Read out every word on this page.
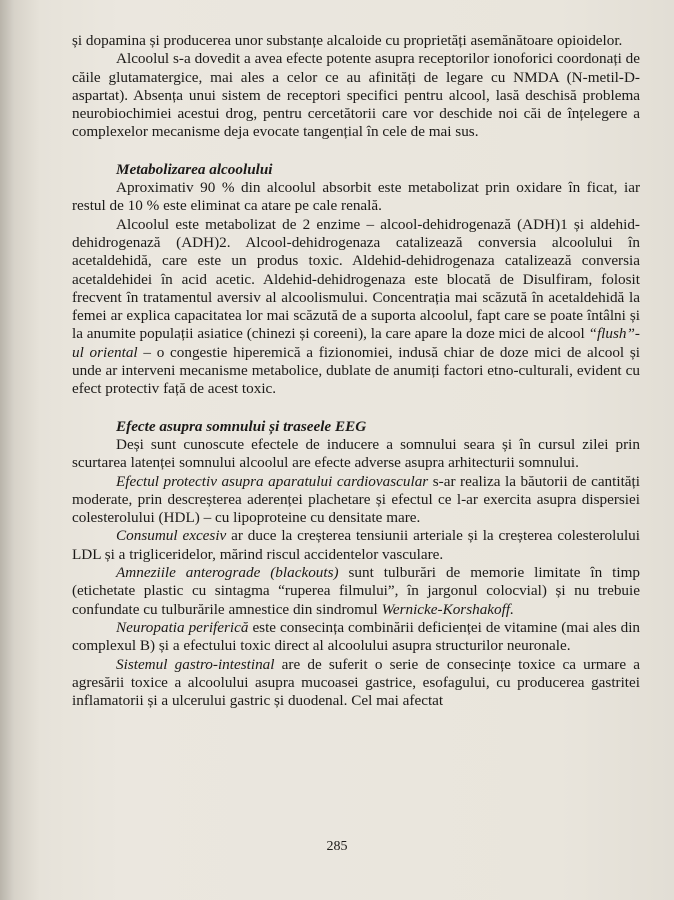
și dopamina și producerea unor substanțe alcaloide cu proprietăți asemănătoare opioidelor.

Alcoolul s-a dovedit a avea efecte potente asupra receptorilor ionoforici coordonați de căile glutamatergice, mai ales a celor ce au afinități de legare cu NMDA (N-metil-D-aspartat). Absența unui sistem de receptori specifici pentru alcool, lasă deschisă problema neurobiochimiei acestui drog, pentru cercetătorii care vor deschide noi căi de înțelegere a complexelor mecanisme deja evocate tangențial în cele de mai sus.

Metabolizarea alcoolului

Aproximativ 90 % din alcoolul absorbit este metabolizat prin oxidare în ficat, iar restul de 10 % este eliminat ca atare pe cale renală.

Alcoolul este metabolizat de 2 enzime – alcool-dehidrogenază (ADH)1 și aldehid-dehidrogenază (ADH)2. Alcool-dehidrogenaza catalizează conversia alcoolului în acetaldehidă, care este un produs toxic. Aldehid-dehidrogenaza catalizează conversia acetaldehidei în acid acetic. Aldehid-dehidrogenaza este blocată de Disulfiram, folosit frecvent în tratamentul aversiv al alcoolismului. Concentrația mai scăzută în acetaldehidă la femei ar explica capacitatea lor mai scăzută de a suporta alcoolul, fapt care se poate întâlni și la anumite populații asiatice (chinezi și coreeni), la care apare la doze mici de alcool “flush”-ul oriental – o congestie hiperemică a fizionomiei, indusă chiar de doze mici de alcool și unde ar interveni mecanisme metabolice, dublate de anumiți factori etno-culturali, evident cu efect protectiv față de acest toxic.

Efecte asupra somnului și traseele EEG

Deși sunt cunoscute efectele de inducere a somnului seara și în cursul zilei prin scurtarea latenței somnului alcoolul are efecte adverse asupra arhitecturii somnului.

Efectul protectiv asupra aparatului cardiovascular s-ar realiza la băutorii de cantități moderate, prin descreșterea aderenței plachetare și efectul ce l-ar exercita asupra dispersiei colesterolului (HDL) – cu lipoproteine cu densitate mare.

Consumul excesiv ar duce la creșterea tensiunii arteriale și la creșterea colesterolului LDL și a trigliceridelor, mărind riscul accidentelor vasculare.

Amneziile anterograde (blackouts) sunt tulburări de memorie limitate în timp (etichetate plastic cu sintagma “ruperea filmului”, în jargonul colocvial) și nu trebuie confundate cu tulburările amnestice din sindromul Wernicke-Korshakoff.

Neuropatia periferică este consecința combinării deficienței de vitamine (mai ales din complexul B) și a efectului toxic direct al alcoolului asupra structurilor neuronale.

Sistemul gastro-intestinal are de suferit o serie de consecințe toxice ca urmare a agresării toxice a alcoolului asupra mucoasei gastrice, esofagului, cu producerea gastritei inflamatorii și a ulcerului gastric și duodenal. Cel mai afectat

285
